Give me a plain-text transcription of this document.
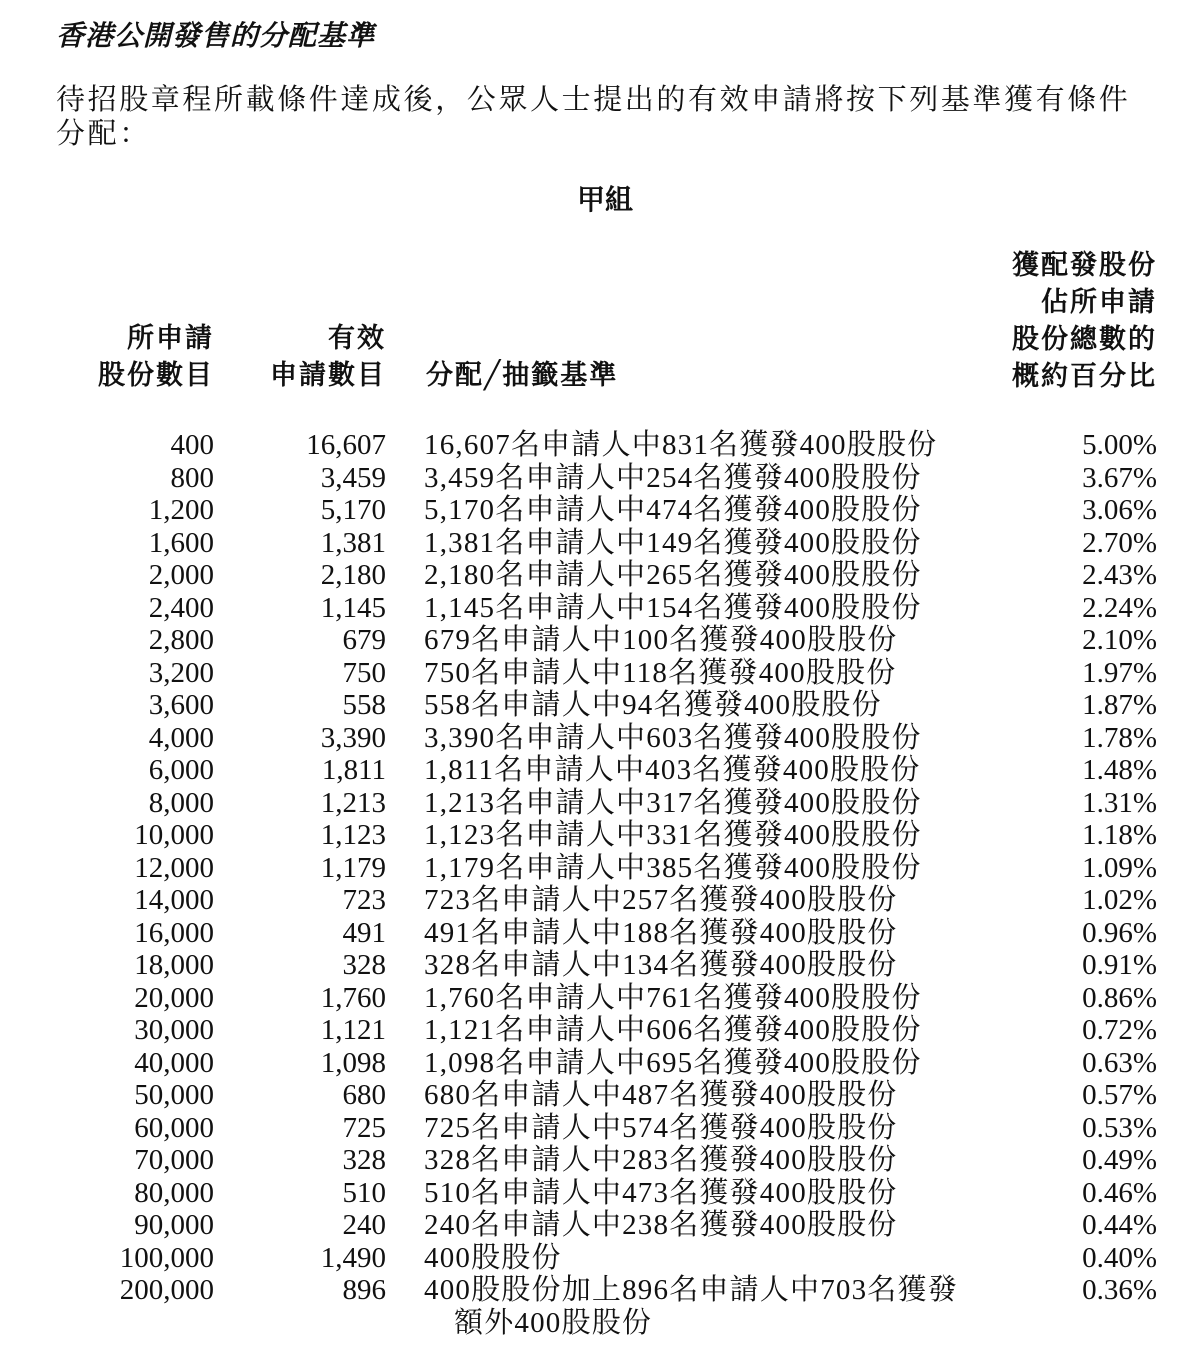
香港公開發售的分配基準
待招股章程所載條件達成後，公眾人士提出的有效申請將按下列基準獲有條件分配：
甲組
所申請
股份數目
有效
申請數目 分配╱抽籤基準
獲配發股份
佔所申請
股份總數的
概約百分比
400	16,607 16,607名申請人中831名獲發400股股份	5.00%
800	3,459 3,459名申請人中254名獲發400股股份	3.67%
1,200	5,170 5,170名申請人中474名獲發400股股份	3.06%
1,600	1,381 1,381名申請人中149名獲發400股股份	2.70%
2,000	2,180 2,180名申請人中265名獲發400股股份	2.43%
2,400	1,145 1,145名申請人中154名獲發400股股份	2.24%
2,800	679 679名申請人中100名獲發400股股份	2.10%
3,200	750 750名申請人中118名獲發400股股份	1.97%
3,600	558 558名申請人中94名獲發400股股份	1.87%
4,000	3,390 3,390名申請人中603名獲發400股股份	1.78%
6,000	1,811 1,811名申請人中403名獲發400股股份	1.48%
8,000	1,213 1,213名申請人中317名獲發400股股份	1.31%
10,000	1,123 1,123名申請人中331名獲發400股股份	1.18%
12,000	1,179 1,179名申請人中385名獲發400股股份	1.09%
14,000	723 723名申請人中257名獲發400股股份	1.02%
16,000	491 491名申請人中188名獲發400股股份	0.96%
18,000	328 328名申請人中134名獲發400股股份	0.91%
20,000	1,760 1,760名申請人中761名獲發400股股份	0.86%
30,000	1,121 1,121名申請人中606名獲發400股股份	0.72%
40,000	1,098 1,098名申請人中695名獲發400股股份	0.63%
50,000	680 680名申請人中487名獲發400股股份	0.57%
60,000	725 725名申請人中574名獲發400股股份	0.53%
70,000	328 328名申請人中283名獲發400股股份	0.49%
80,000	510 510名申請人中473名獲發400股股份	0.46%
90,000	240 240名申請人中238名獲發400股股份	0.44%
100,000	1,490 400股股份	0.40%
200,000	896 400股股份加上896名申請人中703名獲發	0.36%
額外400股股份
